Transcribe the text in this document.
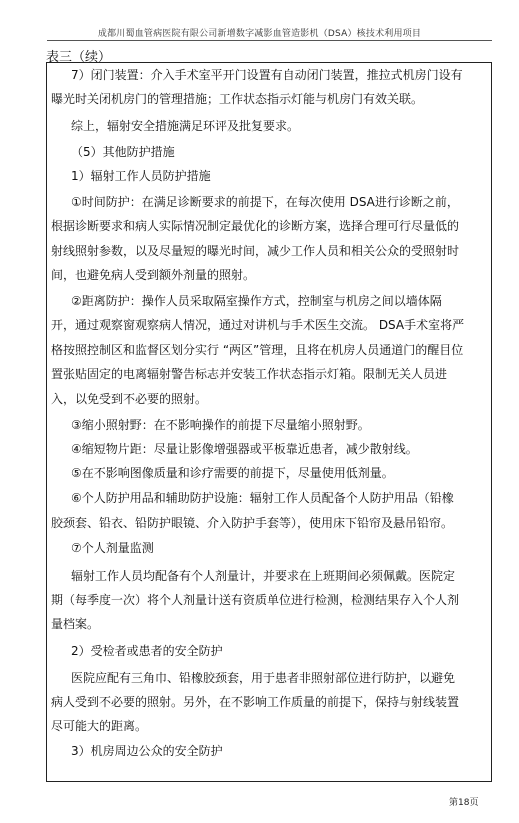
成都川蜀血管病医院有限公司新增数字减影血管造影机（DSA）核技术利用项目
表三（续）
7）闭门装置：介入手术室平开门设置有自动闭门装置，推拉式机房门设有
曝光时关闭机房门的管理措施；工作状态指示灯能与机房门有效关联。
综上，辐射安全措施满足环评及批复要求。
（5）其他防护措施
1）辐射工作人员防护措施
①时间防护：在满足诊断要求的前提下，在每次使用 DSA进行诊断之前，
根据诊断要求和病人实际情况制定最优化的诊断方案，选择合理可行尽量低的
射线照射参数，以及尽量短的曝光时间，减少工作人员和相关公众的受照射时
间，也避免病人受到额外剂量的照射。
②距离防护：操作人员采取隔室操作方式，控制室与机房之间以墙体隔
开，通过观察窗观察病人情况，通过对讲机与手术医生交流。 DSA手术室将严
格按照控制区和监督区划分实行 “两区”管理，且将在机房人员通道门的醒目位
置张贴固定的电离辐射警告标志并安装工作状态指示灯箱。限制无关人员进
入，以免受到不必要的照射。
③缩小照射野：在不影响操作的前提下尽量缩小照射野。
④缩短物片距：尽量让影像增强器或平板靠近患者，减少散射线。
⑤在不影响图像质量和诊疗需要的前提下，尽量使用低剂量。
⑥个人防护用品和辅助防护设施：辐射工作人员配备个人防护用品（铅橡
胶颈套、铅衣、铅防护眼镜、介入防护手套等），使用床下铅帘及悬吊铅帘。
⑦个人剂量监测
辐射工作人员均配备有个人剂量计，并要求在上班期间必须佩戴。医院定
期（每季度一次）将个人剂量计送有资质单位进行检测，检测结果存入个人剂
量档案。
2）受检者或患者的安全防护
医院应配有三角巾、铅橡胶颈套，用于患者非照射部位进行防护，以避免
病人受到不必要的照射。另外，在不影响工作质量的前提下，保持与射线装置
尽可能大的距离。
3）机房周边公众的安全防护
第18页
